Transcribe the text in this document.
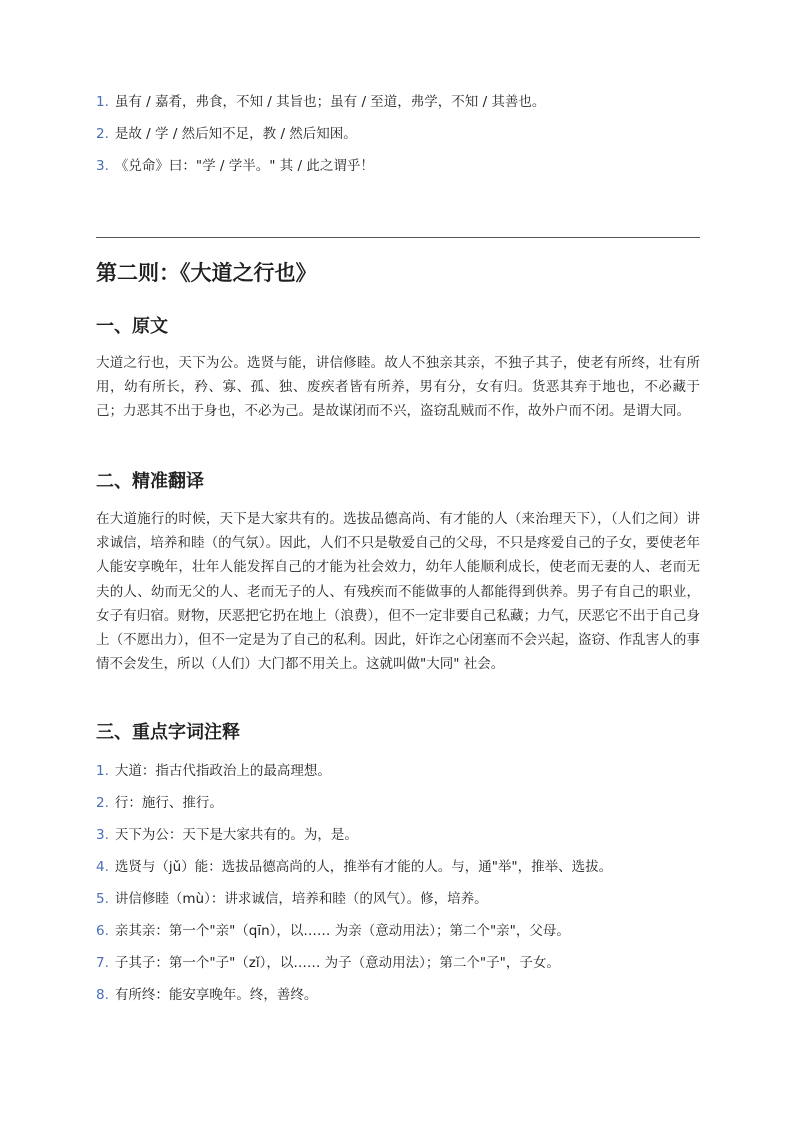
1. 虽有 / 嘉肴，弗食，不知 / 其旨也；虽有 / 至道，弗学，不知 / 其善也。
2. 是故 / 学 / 然后知不足，教 / 然后知困。
3. 《兑命》曰："学 / 学半。" 其 / 此之谓乎！
第二则：《大道之行也》
一、原文

大道之行也，天下为公。选贤与能，讲信修睦。故人不独亲其亲，不独子其子，使老有所终，壮有所用，幼有所长，矜、寡、孤、独、废疾者皆有所养，男有分，女有归。货恶其弃于地也，不必藏于己；力恶其不出于身也，不必为己。是故谋闭而不兴，盗窃乱贼而不作，故外户而不闭。是谓大同。

二、精准翻译

在大道施行的时候，天下是大家共有的。选拔品德高尚、有才能的人（来治理天下），（人们之间）讲求诚信，培养和睦（的气氛）。因此，人们不只是敬爱自己的父母，不只是疼爱自己的子女，要使老年人能安享晚年，壮年人能发挥自己的才能为社会效力，幼年人能顺利成长，使老而无妻的人、老而无夫的人、幼而无父的人、老而无子的人、有残疾而不能做事的人都能得到供养。男子有自己的职业，女子有归宿。财物，厌恶把它扔在地上（浪费），但不一定非要自己私藏；力气，厌恶它不出于自己身上（不愿出力），但不一定是为了自己的私利。因此，奸诈之心闭塞而不会兴起，盗窃、作乱害人的事情不会发生，所以（人们）大门都不用关上。这就叫做"大同" 社会。

三、重点字词注释
1. 大道：指古代指政治上的最高理想。
2. 行：施行、推行。
3. 天下为公：天下是大家共有的。为，是。
4. 选贤与（jǔ）能：选拔品德高尚的人，推举有才能的人。与，通"举"，推举、选拔。
5. 讲信修睦（mù）：讲求诚信，培养和睦（的风气）。修，培养。
6. 亲其亲：第一个"亲"（qīn），以…… 为亲（意动用法）；第二个"亲"，父母。
7. 子其子：第一个"子"（zǐ），以…… 为子（意动用法）；第二个"子"，子女。
8. 有所终：能安享晚年。终，善终。
